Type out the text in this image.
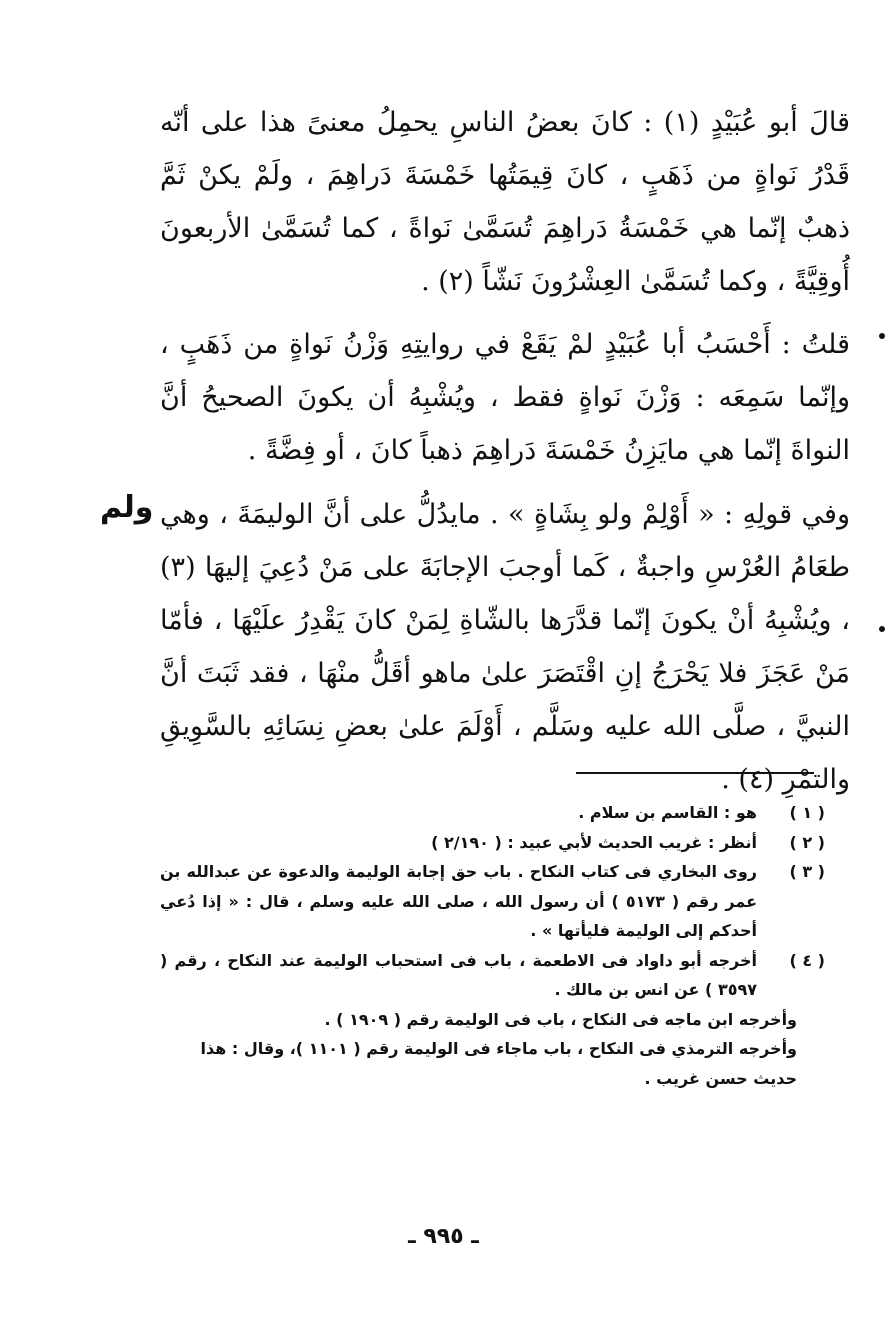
قالَ أبو عُبَيْدٍ (١) : كانَ بعضُ الناسِ يحمِلُ معنىً هذا على أنّه قَدْرُ نَواةٍ من ذَهَبٍ ، كانَ قِيمَتُها خَمْسَةَ دَراهِمَ ، ولَمْ يكنْ ثَمَّ ذهبٌ إنّما هي خَمْسَةُ دَراهِمَ تُسَمَّىٰ نَواةً ، كما تُسَمَّىٰ الأربعونَ أُوقِيَّةً ، وكما تُسَمَّىٰ العِشْرُونَ نَشّاً (٢) .

قلتُ : أَحْسَبُ أبا عُبَيْدٍ لمْ يَقَعْ في روايتِهِ وَزْنُ نَواةٍ من ذَهَبٍ ، وإنّما سَمِعَه : وَزْنَ نَواةٍ فقط ، ويُشْبِهُ أن يكونَ الصحيحُ أنَّ النواةَ إنّما هي مايَزِنُ خَمْسَةَ دَراهِمَ ذهباً كانَ ، أو فِضَّةً .

وفي قولِهِ : « أَوْلِمْ ولو بِشَاةٍ » . مايدُلُّ على أنَّ الوليمَةَ ، وهي طعَامُ العُرْسِ واجبةٌ ، كَما أوجبَ الإجابَةَ على مَنْ دُعِيَ إليهَا (٣) ، ويُشْبِهُ أنْ يكونَ إنّما قدَّرَها بالشّاةِ لِمَنْ كانَ يَقْدِرُ علَيْهَا ، فأمّا مَنْ عَجَزَ فلا يَحْرَجُ إنِ اقْتَصَرَ علىٰ ماهو أقَلُّ منْهَا ، فقد ثَبَتَ أنَّ النبيَّ ، صلَّى الله عليه وسَلَّم ، أَوْلَمَ علىٰ بعضِ نِسَائِهِ بالسَّوِيقِ والتمْرِ (٤) .

ولم
( ١ )
هو : القاسم بن سلام .
( ٢ )
أنظر : غريب الحديث لأبي عبيد : ( ٢/١٩٠ )
( ٣ )
روى البخاري فى كتاب النكاح . باب حق إجابة الوليمة والدعوة عن عبدالله بن عمر رقم ( ٥١٧٣ ) أن رسول الله ، صلى الله عليه وسلم ، قال : « إذا دُعي أحدكم إلى الوليمة فليأتها » .
( ٤ )
أخرجه أبو داواد فى الاطعمة ، باب فى استحباب الوليمة عند النكاح ، رقم ( ٣٥٩٧ ) عن انس بن مالك .
وأخرجه ابن ماجه فى النكاح ، باب فى الوليمة رقم ( ١٩٠٩ ) .
وأخرجه الترمذي فى النكاح ، باب ماجاء فى الوليمة رقم ( ١١٠١ )، وقال : هذا حديث حسن غريب .
ـ ٩٩٥ ـ
